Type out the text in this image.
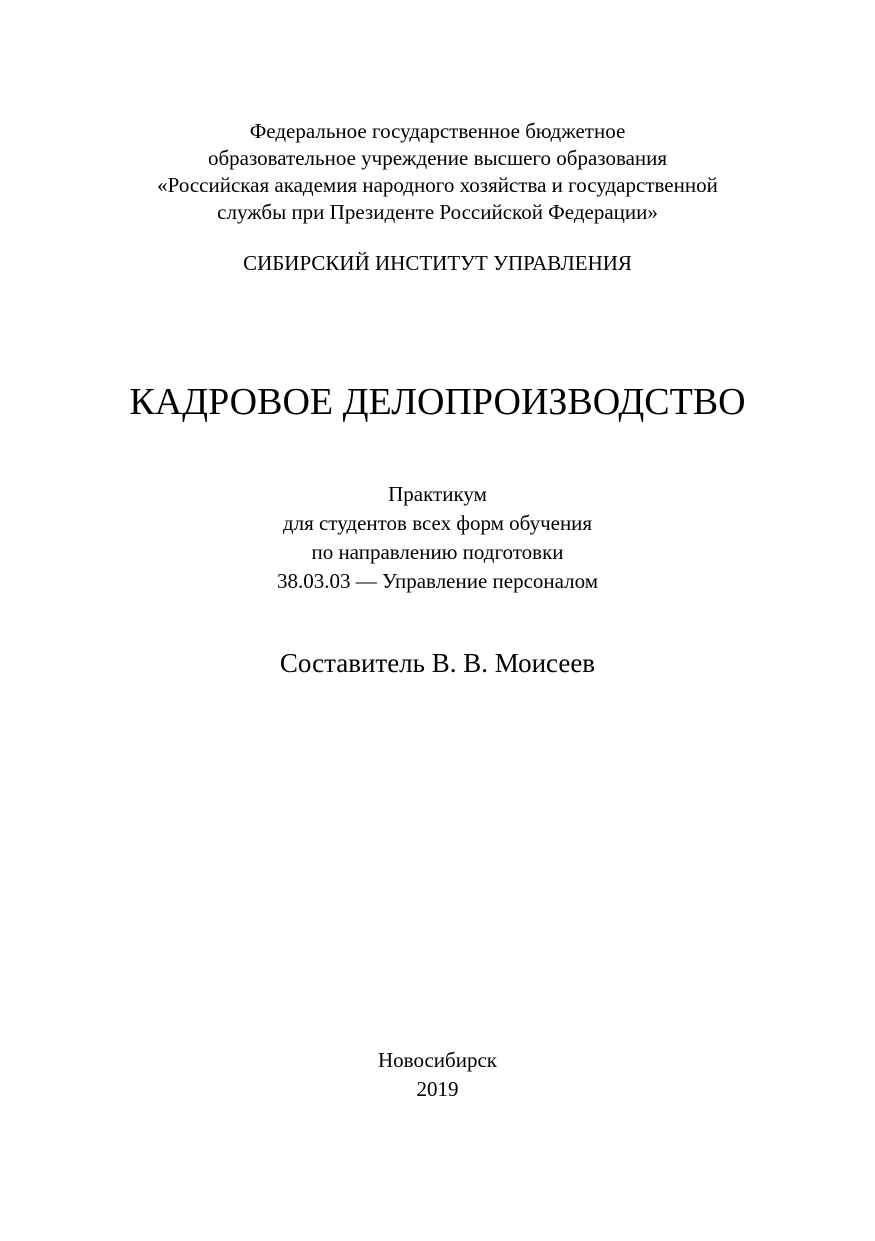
Федеральное государственное бюджетное
образовательное учреждение высшего образования
«Российская академия народного хозяйства и государственной
службы при Президенте Российской Федерации»
СИБИРСКИЙ ИНСТИТУТ УПРАВЛЕНИЯ
КАДРОВОЕ ДЕЛОПРОИЗВОДСТВО
Практикум
для студентов всех форм обучения
по направлению подготовки
38.03.03 — Управление персоналом
Составитель В. В. Моисеев
Новосибирск
2019
